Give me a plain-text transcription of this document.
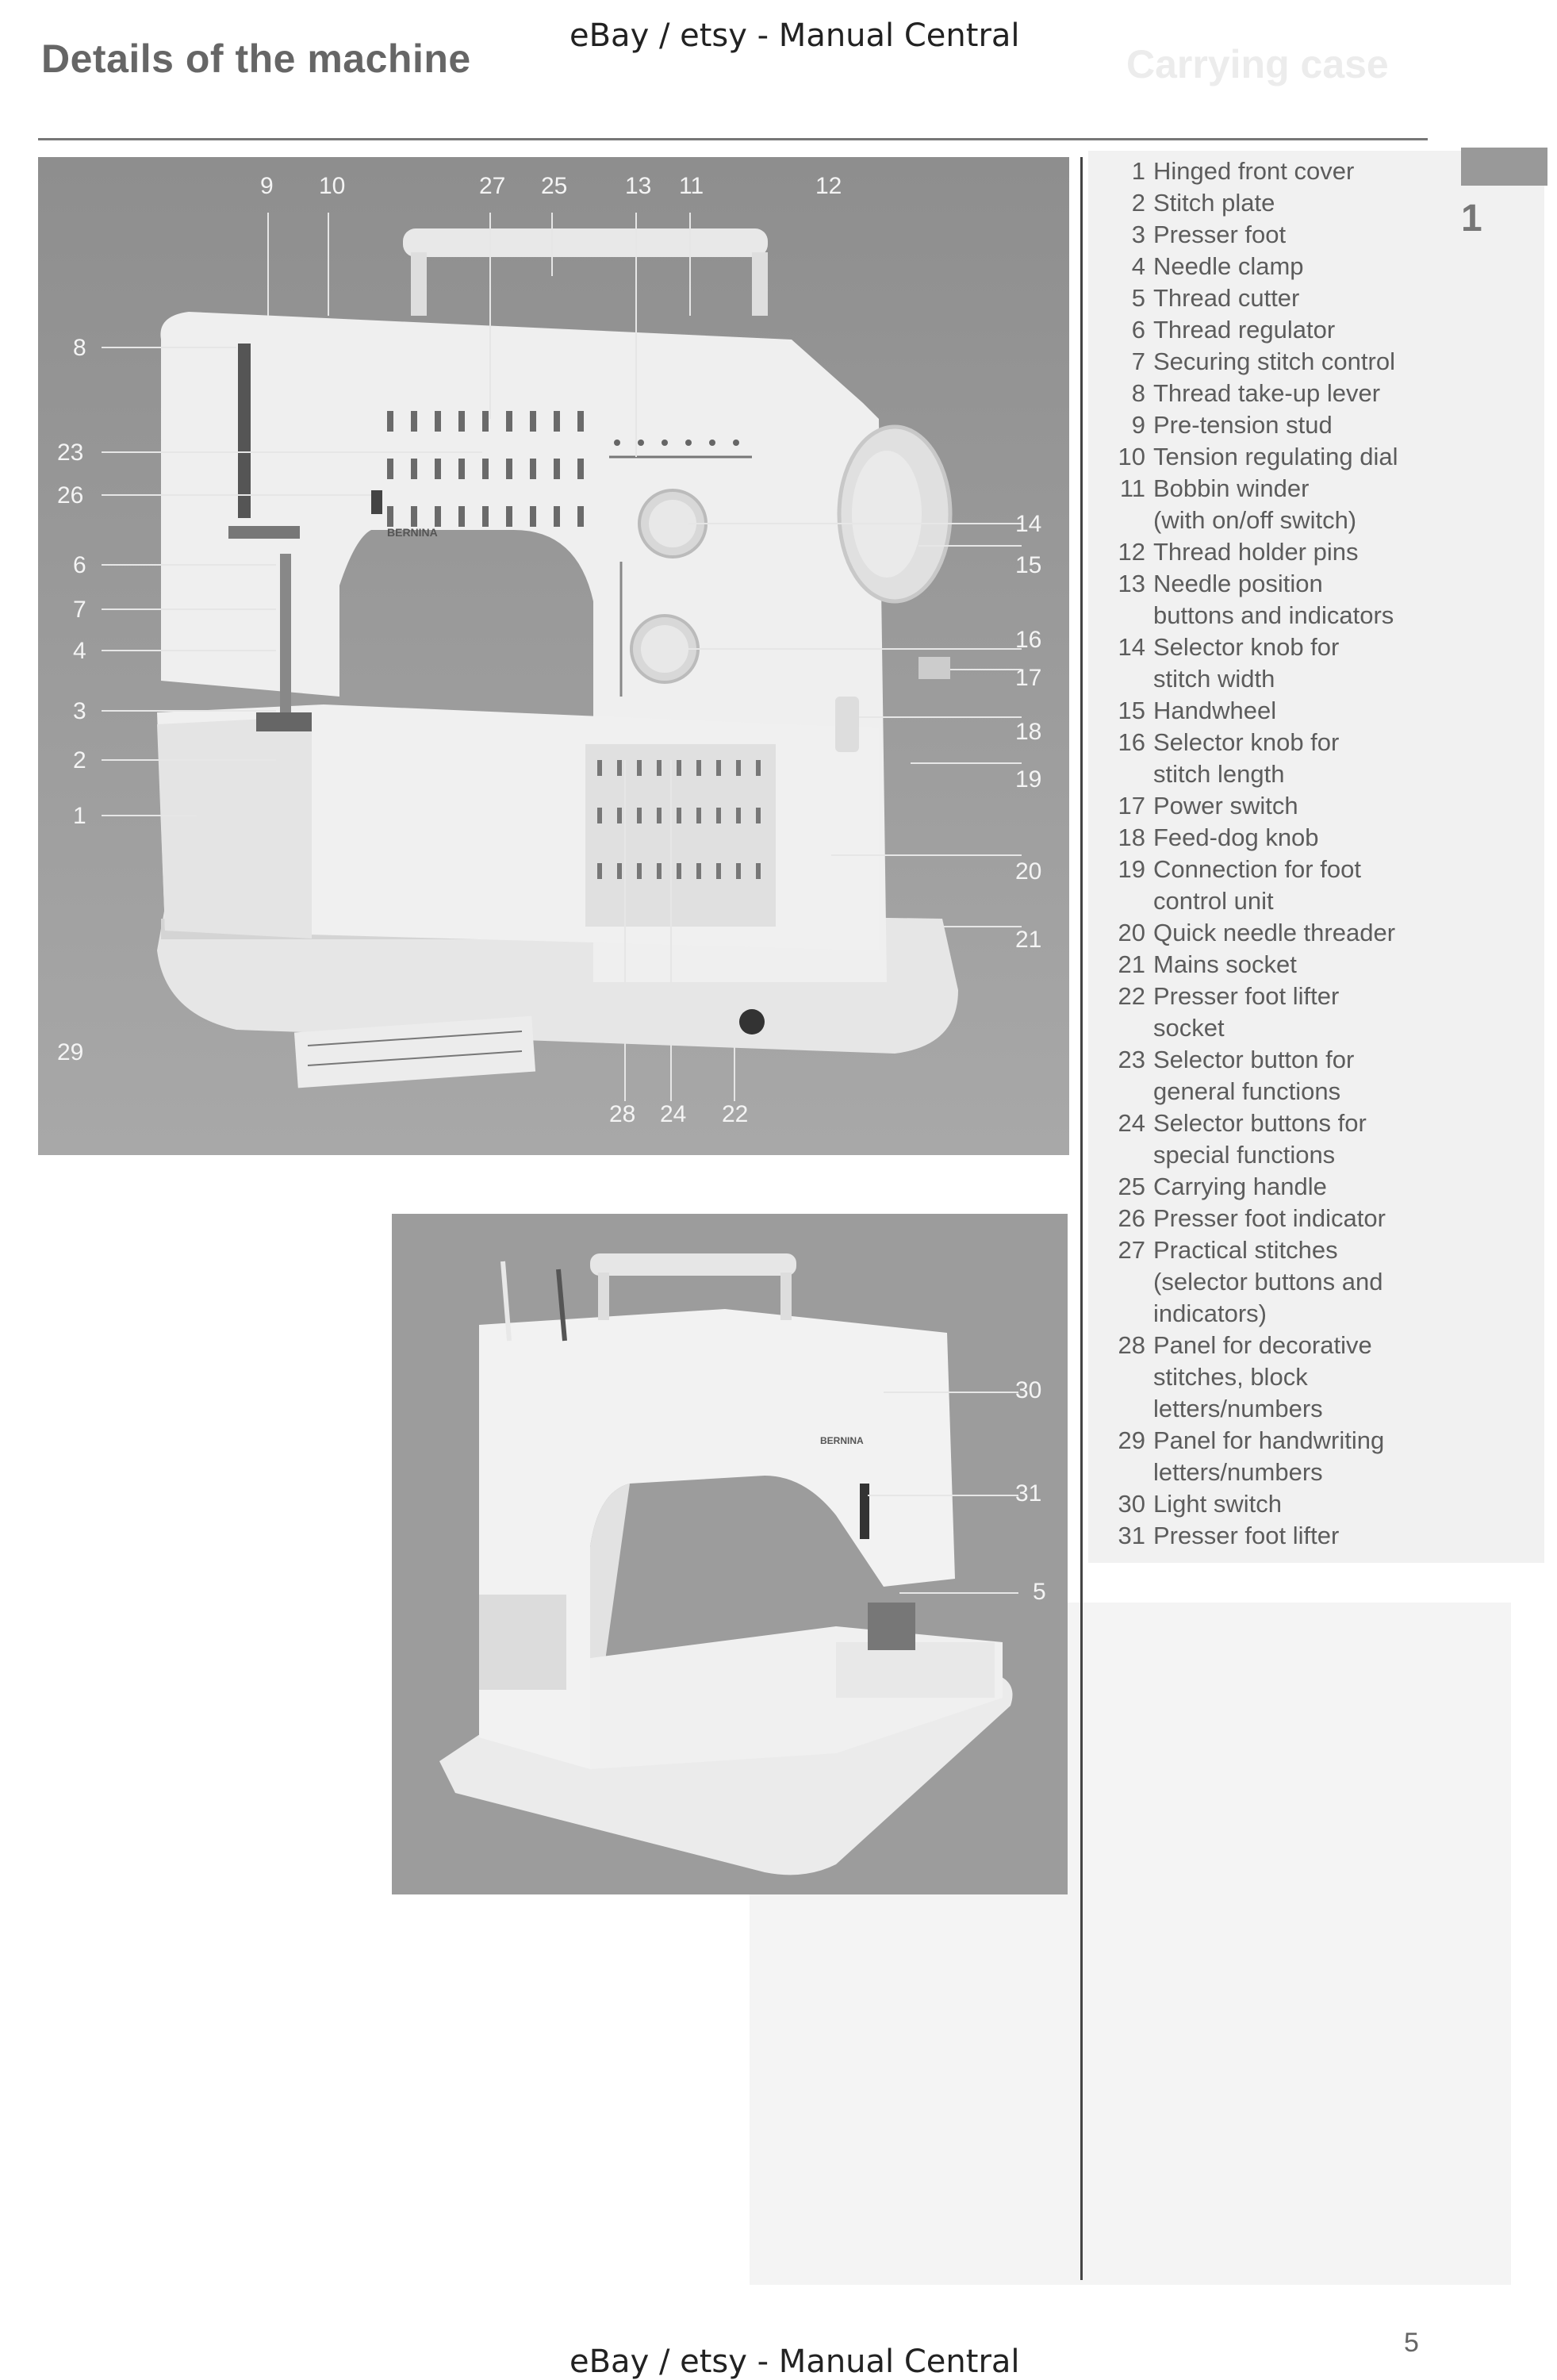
Carrying case
Details of the machine
eBay / etsy - Manual Central
1
BERNINA
9 10	27 25 13 11	12
8
23
26
6
7
4
3
2
1
29
14
15
16
17
18
19
20
21
28 24 22
BERNINA
30
31
5
1 Hinged front cover
2 Stitch plate
3 Presser foot
4 Needle clamp
5 Thread cutter
6 Thread regulator
7 Securing stitch control
8 Thread take-up lever
9 Pre-tension stud
10 Tension regulating dial
11 Bobbin winder
(with on/off switch)
12 Thread holder pins
13 Needle position
buttons and indicators
14 Selector knob for
stitch width
15 Handwheel
16 Selector knob for
stitch length
17 Power switch
18 Feed-dog knob
19 Connection for foot
control unit
20 Quick needle threader
21 Mains socket
22 Presser foot lifter
socket
23 Selector button for
general functions
24 Selector buttons for
special functions
25 Carrying handle
26 Presser foot indicator
27 Practical stitches
(selector buttons and
indicators)
28 Panel for decorative
stitches, block
letters/numbers
29 Panel for handwriting
letters/numbers
30 Light switch
31 Presser foot lifter
eBay / etsy - Manual Central
5
